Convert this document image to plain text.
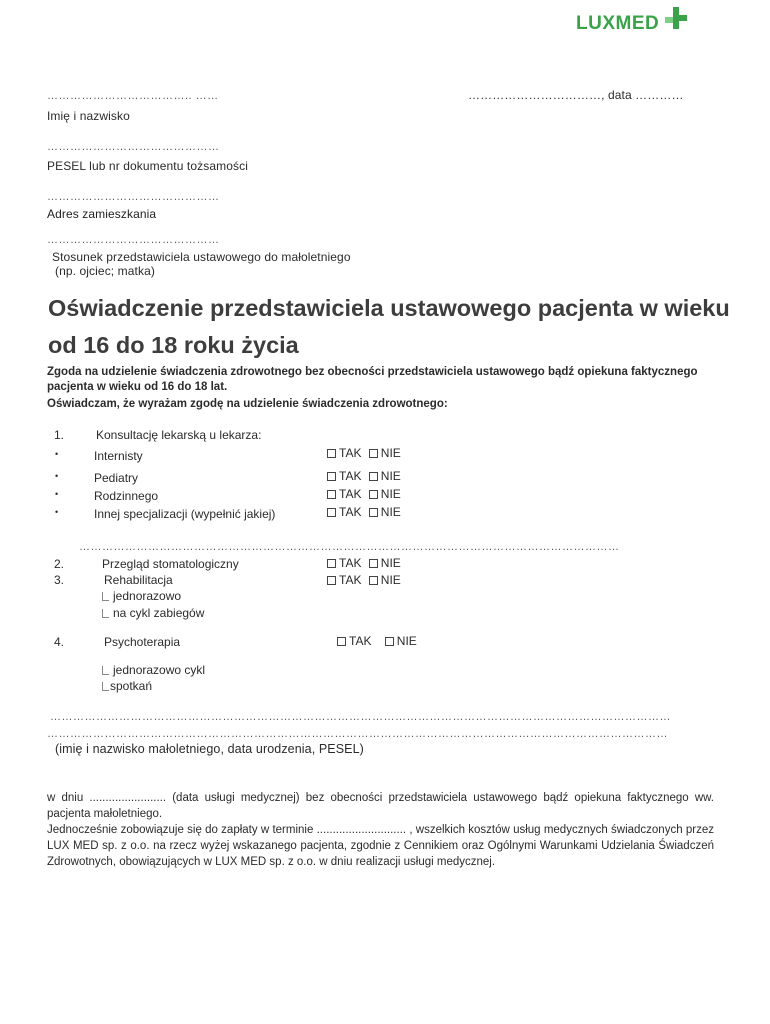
LUXMED
……………………………….. ……	……………………………, data …………
Imię i nazwisko
………………………………………
PESEL lub nr dokumentu tożsamości
………………………………………
Adres zamieszkania
………………………………………
Stosunek przedstawiciela ustawowego do małoletniego
(np. ojciec; matka)
Oświadczenie przedstawiciela ustawowego pacjenta w wieku od 16 do 18 roku życia
Zgoda na udzielenie świadczenia zdrowotnego bez obecności przedstawiciela ustawowego bądź opiekuna faktycznego pacjenta w wieku od 16 do 18 lat.
Oświadczam, że wyrażam zgodę na udzielenie świadczenia zdrowotnego:
1.	Konsultację lekarską u lekarza:
•	Internisty	TAK NIE
•	Pediatry	TAK NIE
•	Rodzinnego	TAK NIE
•	Innej specjalizacji (wypełnić jakiej)	TAK NIE
……………………………………………………………………………………………………………………………
2.	Przegląd stomatologiczny	TAK NIE
3.	Rehabilitacja	TAK NIE
jednorazowo
na cykl zabiegów
4.	Psychoterapia	TAK NIE
jednorazowo cykl
spotkań
………………………………………………………………………………………………………………………………………………
………………………………………………………………………………………………………………………………………………
(imię i nazwisko małoletniego, data urodzenia, PESEL)
w dniu ........................ (data usługi medycznej) bez obecności przedstawiciela ustawowego bądź opiekuna faktycznego ww. pacjenta małoletniego.
Jednocześnie zobowiązuje się do zapłaty w terminie ............................ , wszelkich kosztów usług medycznych świadczonych przez LUX MED sp. z o.o. na rzecz wyżej wskazanego pacjenta, zgodnie z Cennikiem oraz Ogólnymi Warunkami Udzielania Świadczeń Zdrowotnych, obowiązujących w LUX MED sp. z o.o. w dniu realizacji usługi medycznej.
